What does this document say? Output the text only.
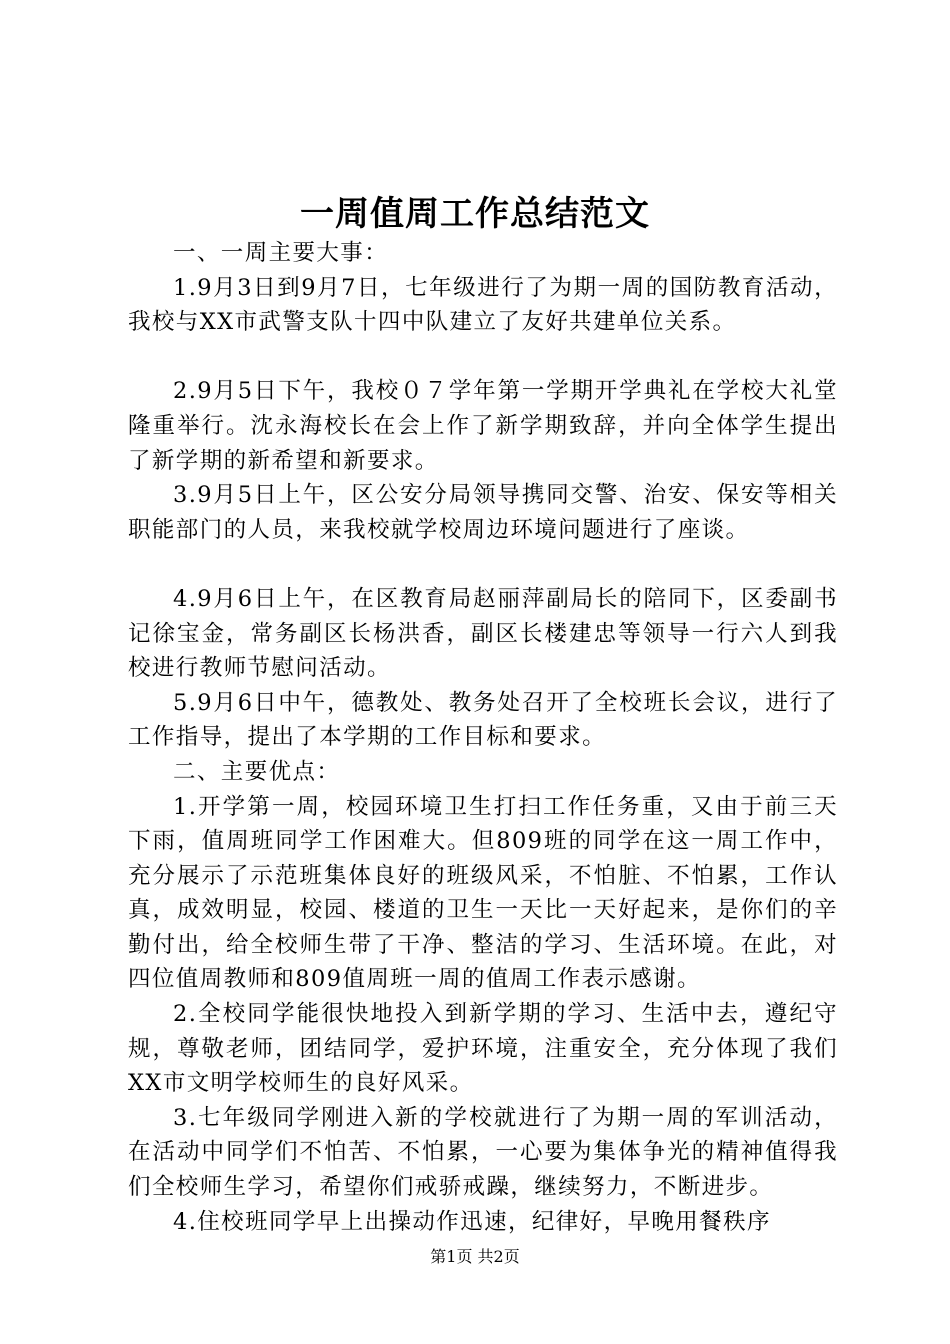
一周值周工作总结范文

一、一周主要大事：

1.9月3日到9月7日，七年级进行了为期一周的国防教育活动，我校与XX市武警支队十四中队建立了友好共建单位关系。

2.9月5日下午，我校０７学年第一学期开学典礼在学校大礼堂隆重举行。沈永海校长在会上作了新学期致辞，并向全体学生提出了新学期的新希望和新要求。

3.9月5日上午，区公安分局领导携同交警、治安、保安等相关职能部门的人员，来我校就学校周边环境问题进行了座谈。

4.9月6日上午，在区教育局赵丽萍副局长的陪同下，区委副书记徐宝金，常务副区长杨洪香，副区长楼建忠等领导一行六人到我校进行教师节慰问活动。

5.9月6日中午，德教处、教务处召开了全校班长会议，进行了工作指导，提出了本学期的工作目标和要求。

二、主要优点：

1.开学第一周，校园环境卫生打扫工作任务重，又由于前三天下雨，值周班同学工作困难大。但809班的同学在这一周工作中，充分展示了示范班集体良好的班级风采，不怕脏、不怕累，工作认真，成效明显，校园、楼道的卫生一天比一天好起来，是你们的辛勤付出，给全校师生带了干净、整洁的学习、生活环境。在此，对四位值周教师和809值周班一周的值周工作表示感谢。

2.全校同学能很快地投入到新学期的学习、生活中去，遵纪守规，尊敬老师，团结同学，爱护环境，注重安全，充分体现了我们XX市文明学校师生的良好风采。

3.七年级同学刚进入新的学校就进行了为期一周的军训活动，在活动中同学们不怕苦、不怕累，一心要为集体争光的精神值得我们全校师生学习，希望你们戒骄戒躁，继续努力，不断进步。

4.住校班同学早上出操动作迅速，纪律好，早晚用餐秩序

第1页 共2页
